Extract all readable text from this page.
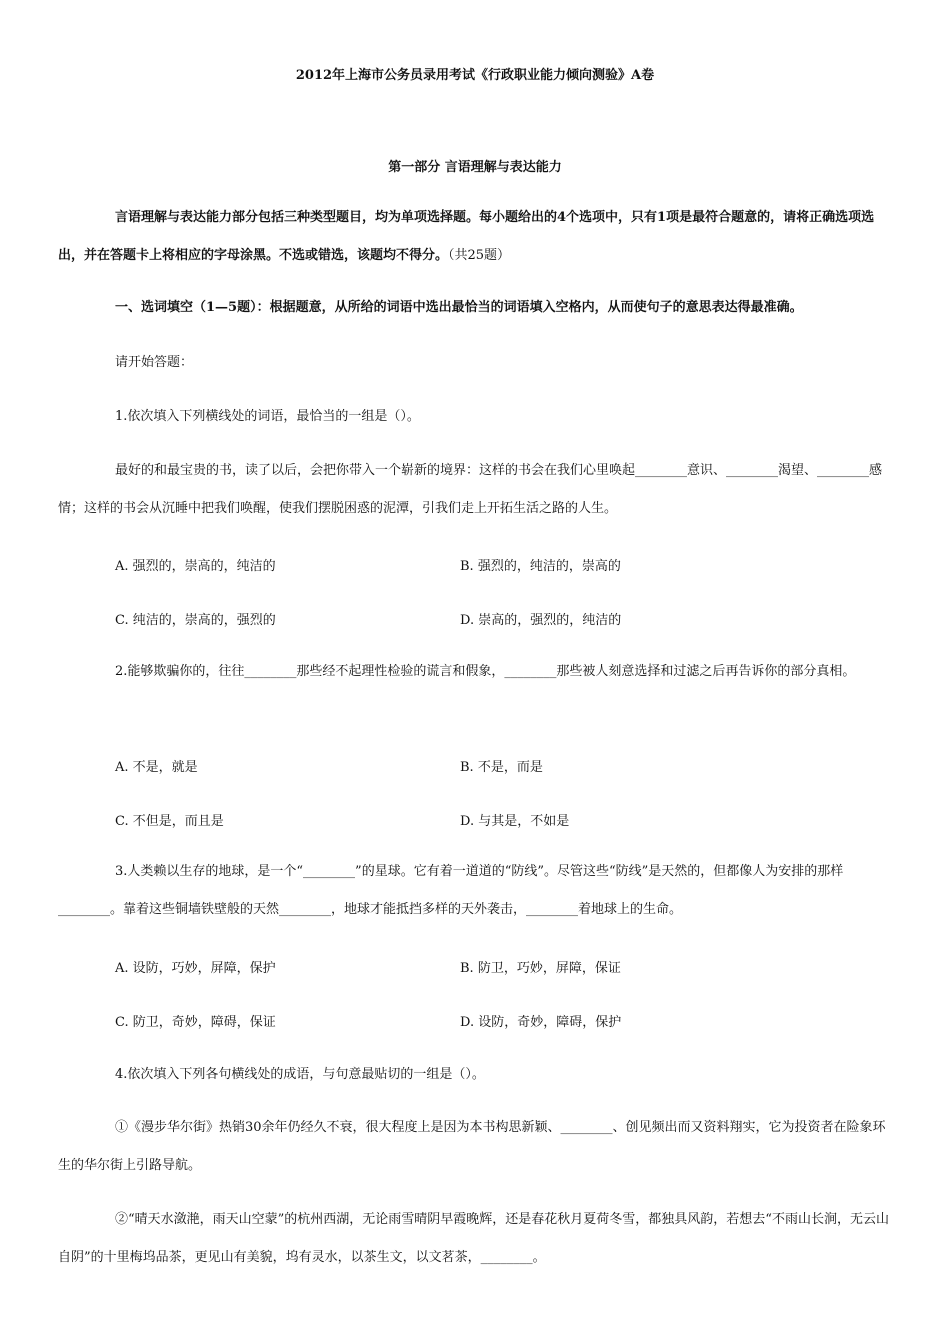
2012年上海市公务员录用考试《行政职业能力倾向测验》A卷
第一部分 言语理解与表达能力
言语理解与表达能力部分包括三种类型题目，均为单项选择题。每小题给出的4个选项中，只有1项是最符合题意的，请将正确选项选出，并在答题卡上将相应的字母涂黑。不选或错选，该题均不得分。（共25题）
一、选词填空（1—5题）：根据题意，从所给的词语中选出最恰当的词语填入空格内，从而使句子的意思表达得最准确。
请开始答题：
1.依次填入下列横线处的词语，最恰当的一组是（）。
最好的和最宝贵的书，读了以后，会把你带入一个崭新的境界：这样的书会在我们心里唤起________意识、________渴望、________感情；这样的书会从沉睡中把我们唤醒，使我们摆脱困惑的泥潭，引我们走上开拓生活之路的人生。
A. 强烈的，崇高的，纯洁的	B. 强烈的，纯洁的，崇高的
C. 纯洁的，崇高的，强烈的	D. 崇高的，强烈的，纯洁的
2.能够欺骗你的，往往________那些经不起理性检验的谎言和假象，________那些被人刻意选择和过滤之后再告诉你的部分真相。
A. 不是，就是	B. 不是，而是
C. 不但是，而且是	D. 与其是，不如是
3.人类赖以生存的地球，是一个“________”的星球。它有着一道道的“防线”。尽管这些“防线”是天然的，但都像人为安排的那样________。靠着这些铜墙铁壁般的天然________，地球才能抵挡多样的天外袭击，________着地球上的生命。
A. 设防，巧妙，屏障，保护	B. 防卫，巧妙，屏障，保证
C. 防卫，奇妙，障碍，保证	D. 设防，奇妙，障碍，保护
4.依次填入下列各句横线处的成语，与句意最贴切的一组是（）。
①《漫步华尔街》热销30余年仍经久不衰，很大程度上是因为本书构思新颖、________、创见频出而又资料翔实，它为投资者在险象环生的华尔街上引路导航。
②“晴天水潋滟，雨天山空蒙”的杭州西湖，无论雨雪晴阴早霞晚辉，还是春花秋月夏荷冬雪，都独具风韵，若想去“不雨山长涧，无云山自阴”的十里梅坞品茶，更见山有美貌，坞有灵水，以茶生文，以文茗茶，________。
